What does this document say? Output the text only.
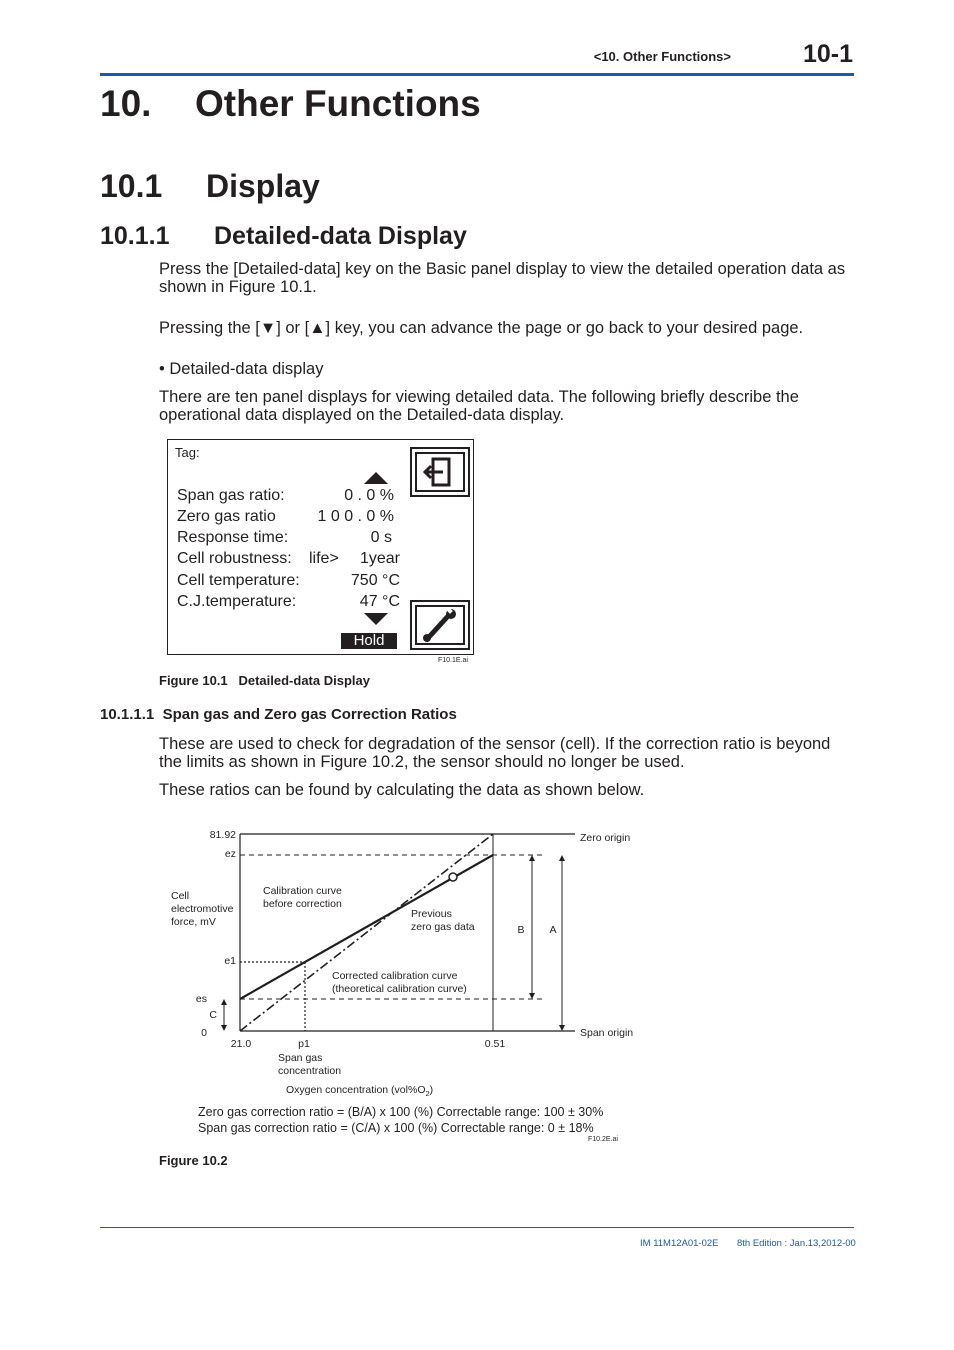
<10. Other Functions>	10-1
10. Other Functions
10.1 Display
10.1.1 Detailed-data Display
Press the [Detailed-data] key on the Basic panel display to view the detailed operation data as shown in Figure 10.1.
Pressing the [▼] or [▲] key, you can advance the page or go back to your desired page.
• Detailed-data display
There are ten panel displays for viewing detailed data. The following briefly describe the operational data displayed on the Detailed-data display.
Tag:
Span gas ratio:	0 . 0 %
Zero gas ratio	1 0 0 . 0 %
Response time:	0 s
Cell robustness: life>	1year
Cell temperature:	750 °C
C.J.temperature:	47 °C
Hold
F10.1E.ai
Figure 10.1 Detailed-data Display
10.1.1.1 Span gas and Zero gas Correction Ratios
These are used to check for degradation of the sensor (cell). If the correction ratio is beyond the limits as shown in Figure 10.2, the sensor should no longer be used.
These ratios can be found by calculating the data as shown below.
81.92
ez
e1
es
0
C
Cell
electromotive
force, mV
21.0	p1	0.51
Span gas
concentration
Oxygen concentration $(vol\%O_2)$
Zero origin
Span origin
B A
Calibration curve
before correction
Previous
zero gas data
Corrected calibration curve
(theoretical calibration curve)
Zero gas correction ratio = (B/A) x 100 (%) Correctable range: 100 ± 30%
Span gas correction ratio = (C/A) x 100 (%) Correctable range: 0 ± 18%
F10.2E.ai
Figure 10.2
IM 11M12A01-02E 8th Edition : Jan.13,2012-00
